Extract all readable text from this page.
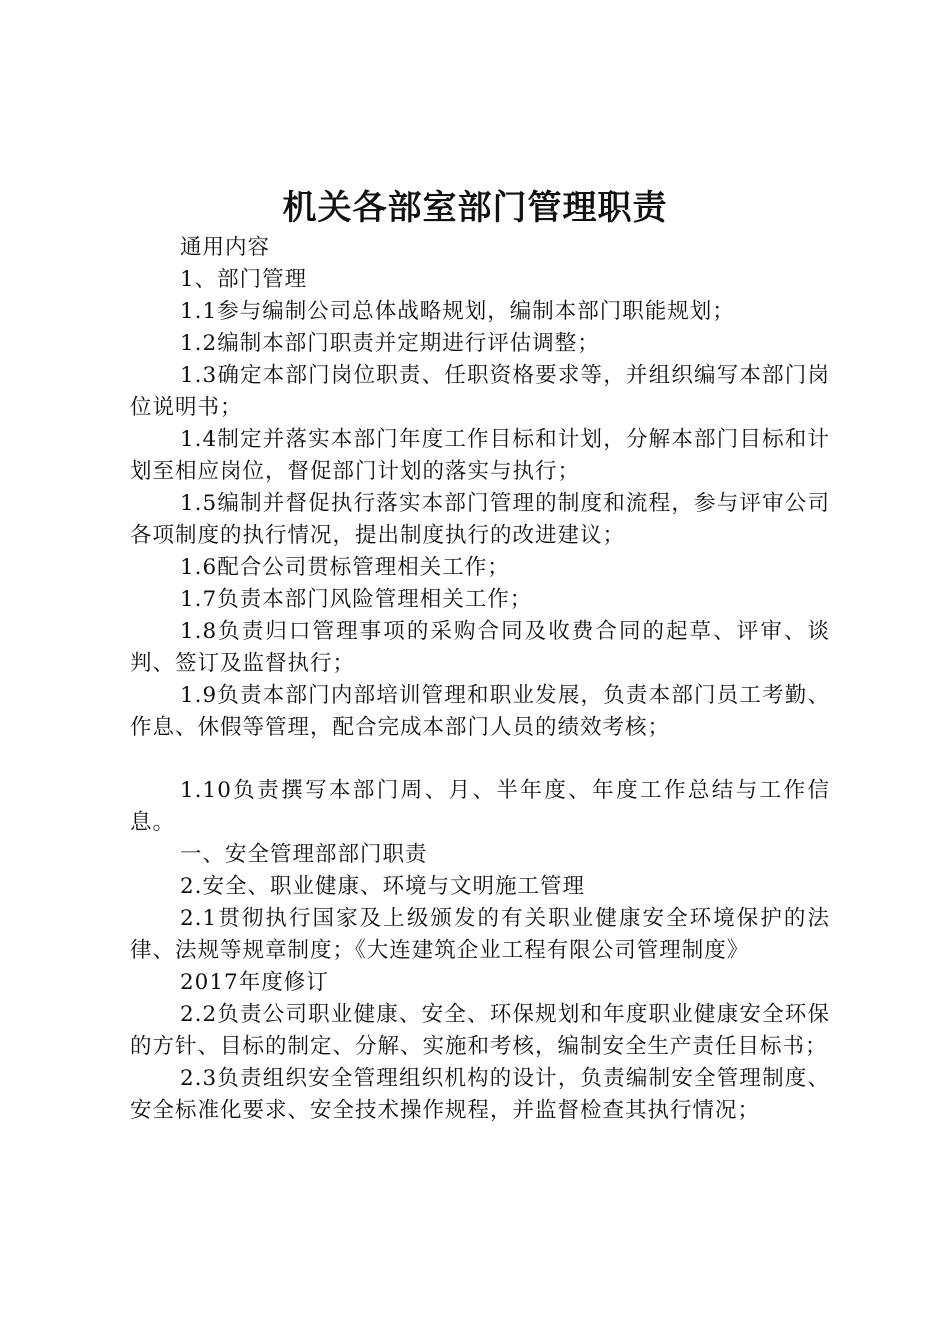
机关各部室部门管理职责

通用内容

1、部门管理

1.1参与编制公司总体战略规划，编制本部门职能规划；

1.2编制本部门职责并定期进行评估调整；

1.3确定本部门岗位职责、任职资格要求等，并组织编写本部门岗位说明书；

1.4制定并落实本部门年度工作目标和计划，分解本部门目标和计划至相应岗位，督促部门计划的落实与执行；

1.5编制并督促执行落实本部门管理的制度和流程，参与评审公司各项制度的执行情况，提出制度执行的改进建议；

1.6配合公司贯标管理相关工作；

1.7负责本部门风险管理相关工作；

1.8负责归口管理事项的采购合同及收费合同的起草、评审、谈判、签订及监督执行；

1.9负责本部门内部培训管理和职业发展，负责本部门员工考勤、作息、休假等管理，配合完成本部门人员的绩效考核；

1.10负责撰写本部门周、月、半年度、年度工作总结与工作信息。

一、安全管理部部门职责

2.安全、职业健康、环境与文明施工管理

2.1贯彻执行国家及上级颁发的有关职业健康安全环境保护的法律、法规等规章制度；《大连建筑企业工程有限公司管理制度》

2017年度修订

2.2负责公司职业健康、安全、环保规划和年度职业健康安全环保的方针、目标的制定、分解、实施和考核，编制安全生产责任目标书；

2.3负责组织安全管理组织机构的设计，负责编制安全管理制度、安全标准化要求、安全技术操作规程，并监督检查其执行情况；
